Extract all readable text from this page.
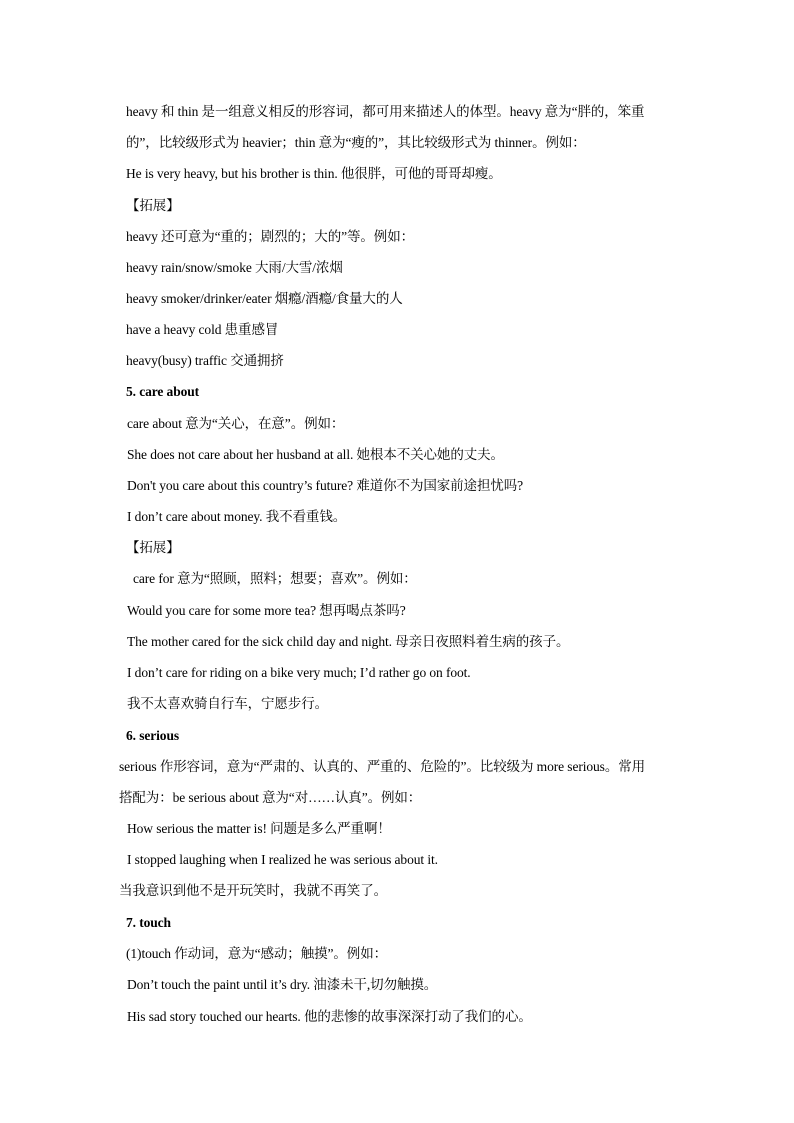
heavy 和 thin 是一组意义相反的形容词，都可用来描述人的体型。heavy 意为“胖的，笨重
的”，比较级形式为 heavier；thin 意为“瘦的”，其比较级形式为 thinner。例如：
He is very heavy, but his brother is thin. 他很胖，可他的哥哥却瘦。
【拓展】
heavy 还可意为“重的；剧烈的；大的”等。例如：
heavy rain/snow/smoke 大雨/大雪/浓烟
heavy smoker/drinker/eater 烟瘾/酒瘾/食量大的人
have a heavy cold 患重感冒
heavy(busy) traffic 交通拥挤
5. care about
care about 意为“关心，在意”。例如：
She does not care about her husband at all. 她根本不关心她的丈夫。
Don't you care about this country’s future? 难道你不为国家前途担忧吗?
I don’t care about money. 我不看重钱。
【拓展】
care for 意为“照顾，照料；想要；喜欢”。例如：
Would you care for some more tea? 想再喝点茶吗?
The mother cared for the sick child day and night. 母亲日夜照料着生病的孩子。
I don’t care for riding on a bike very much; I’d rather go on foot.
我不太喜欢骑自行车，宁愿步行。
6. serious
serious 作形容词，意为“严肃的、认真的、严重的、危险的”。比较级为 more serious。常用
搭配为：be serious about 意为“对……认真”。例如：
How serious the matter is! 问题是多么严重啊！
I stopped laughing when I realized he was serious about it.
当我意识到他不是开玩笑时，我就不再笑了。
7. touch
(1)touch 作动词，意为“感动；触摸”。例如：
Don’t touch the paint until it’s dry. 油漆未干,切勿触摸。
His sad story touched our hearts. 他的悲惨的故事深深打动了我们的心。
